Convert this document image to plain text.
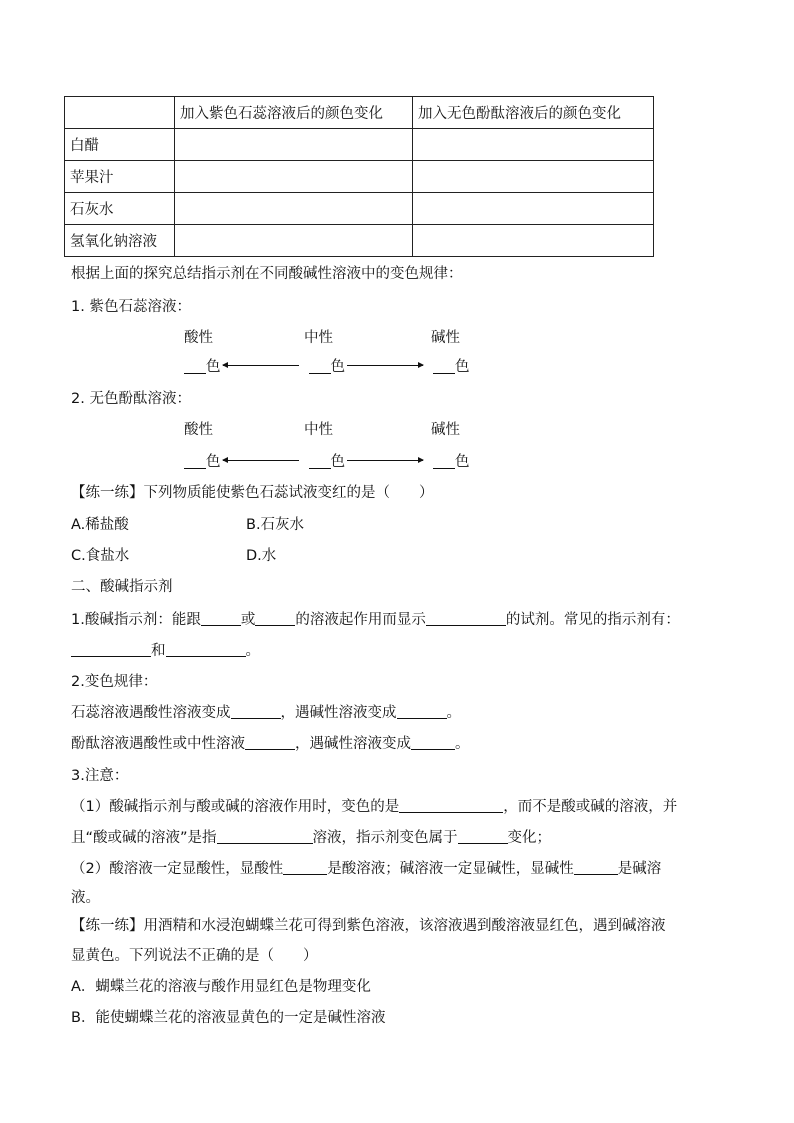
	加入紫色石蕊溶液后的颜色变化	加入无色酚酞溶液后的颜色变化
白醋		
苹果汁		
石灰水		
氢氧化钠溶液		
根据上面的探究总结指示剂在不同酸碱性溶液中的变色规律：
1. 紫色石蕊溶液：
酸性	中性	碱性
色	色	色
2. 无色酚酞溶液：
酸性	中性	碱性
色	色	色
【练一练】下列物质能使紫色石蕊试液变红的是（　　）
A.稀盐酸	B.石灰水
C.食盐水	D.水
二、酸碱指示剂
1.酸碱指示剂：能跟	或	的溶液起作用而显示	的试剂。常见的指示剂有：
和	。
2.变色规律：
石蕊溶液遇酸性溶液变成	，遇碱性溶液变成	。
酚酞溶液遇酸性或中性溶液	，遇碱性溶液变成	。
3.注意：
（1）酸碱指示剂与酸或碱的溶液作用时，变色的是	，而不是酸或碱的溶液，并
且“酸或碱的溶液”是指	溶液，指示剂变色属于	变化；
（2）酸溶液一定显酸性，显酸性	是酸溶液；碱溶液一定显碱性，显碱性	是碱溶
液。
【练一练】用酒精和水浸泡蝴蝶兰花可得到紫色溶液，该溶液遇到酸溶液显红色，遇到碱溶液
显黄色。下列说法不正确的是（　　）
A．蝴蝶兰花的溶液与酸作用显红色是物理变化
B．能使蝴蝶兰花的溶液显黄色的一定是碱性溶液
